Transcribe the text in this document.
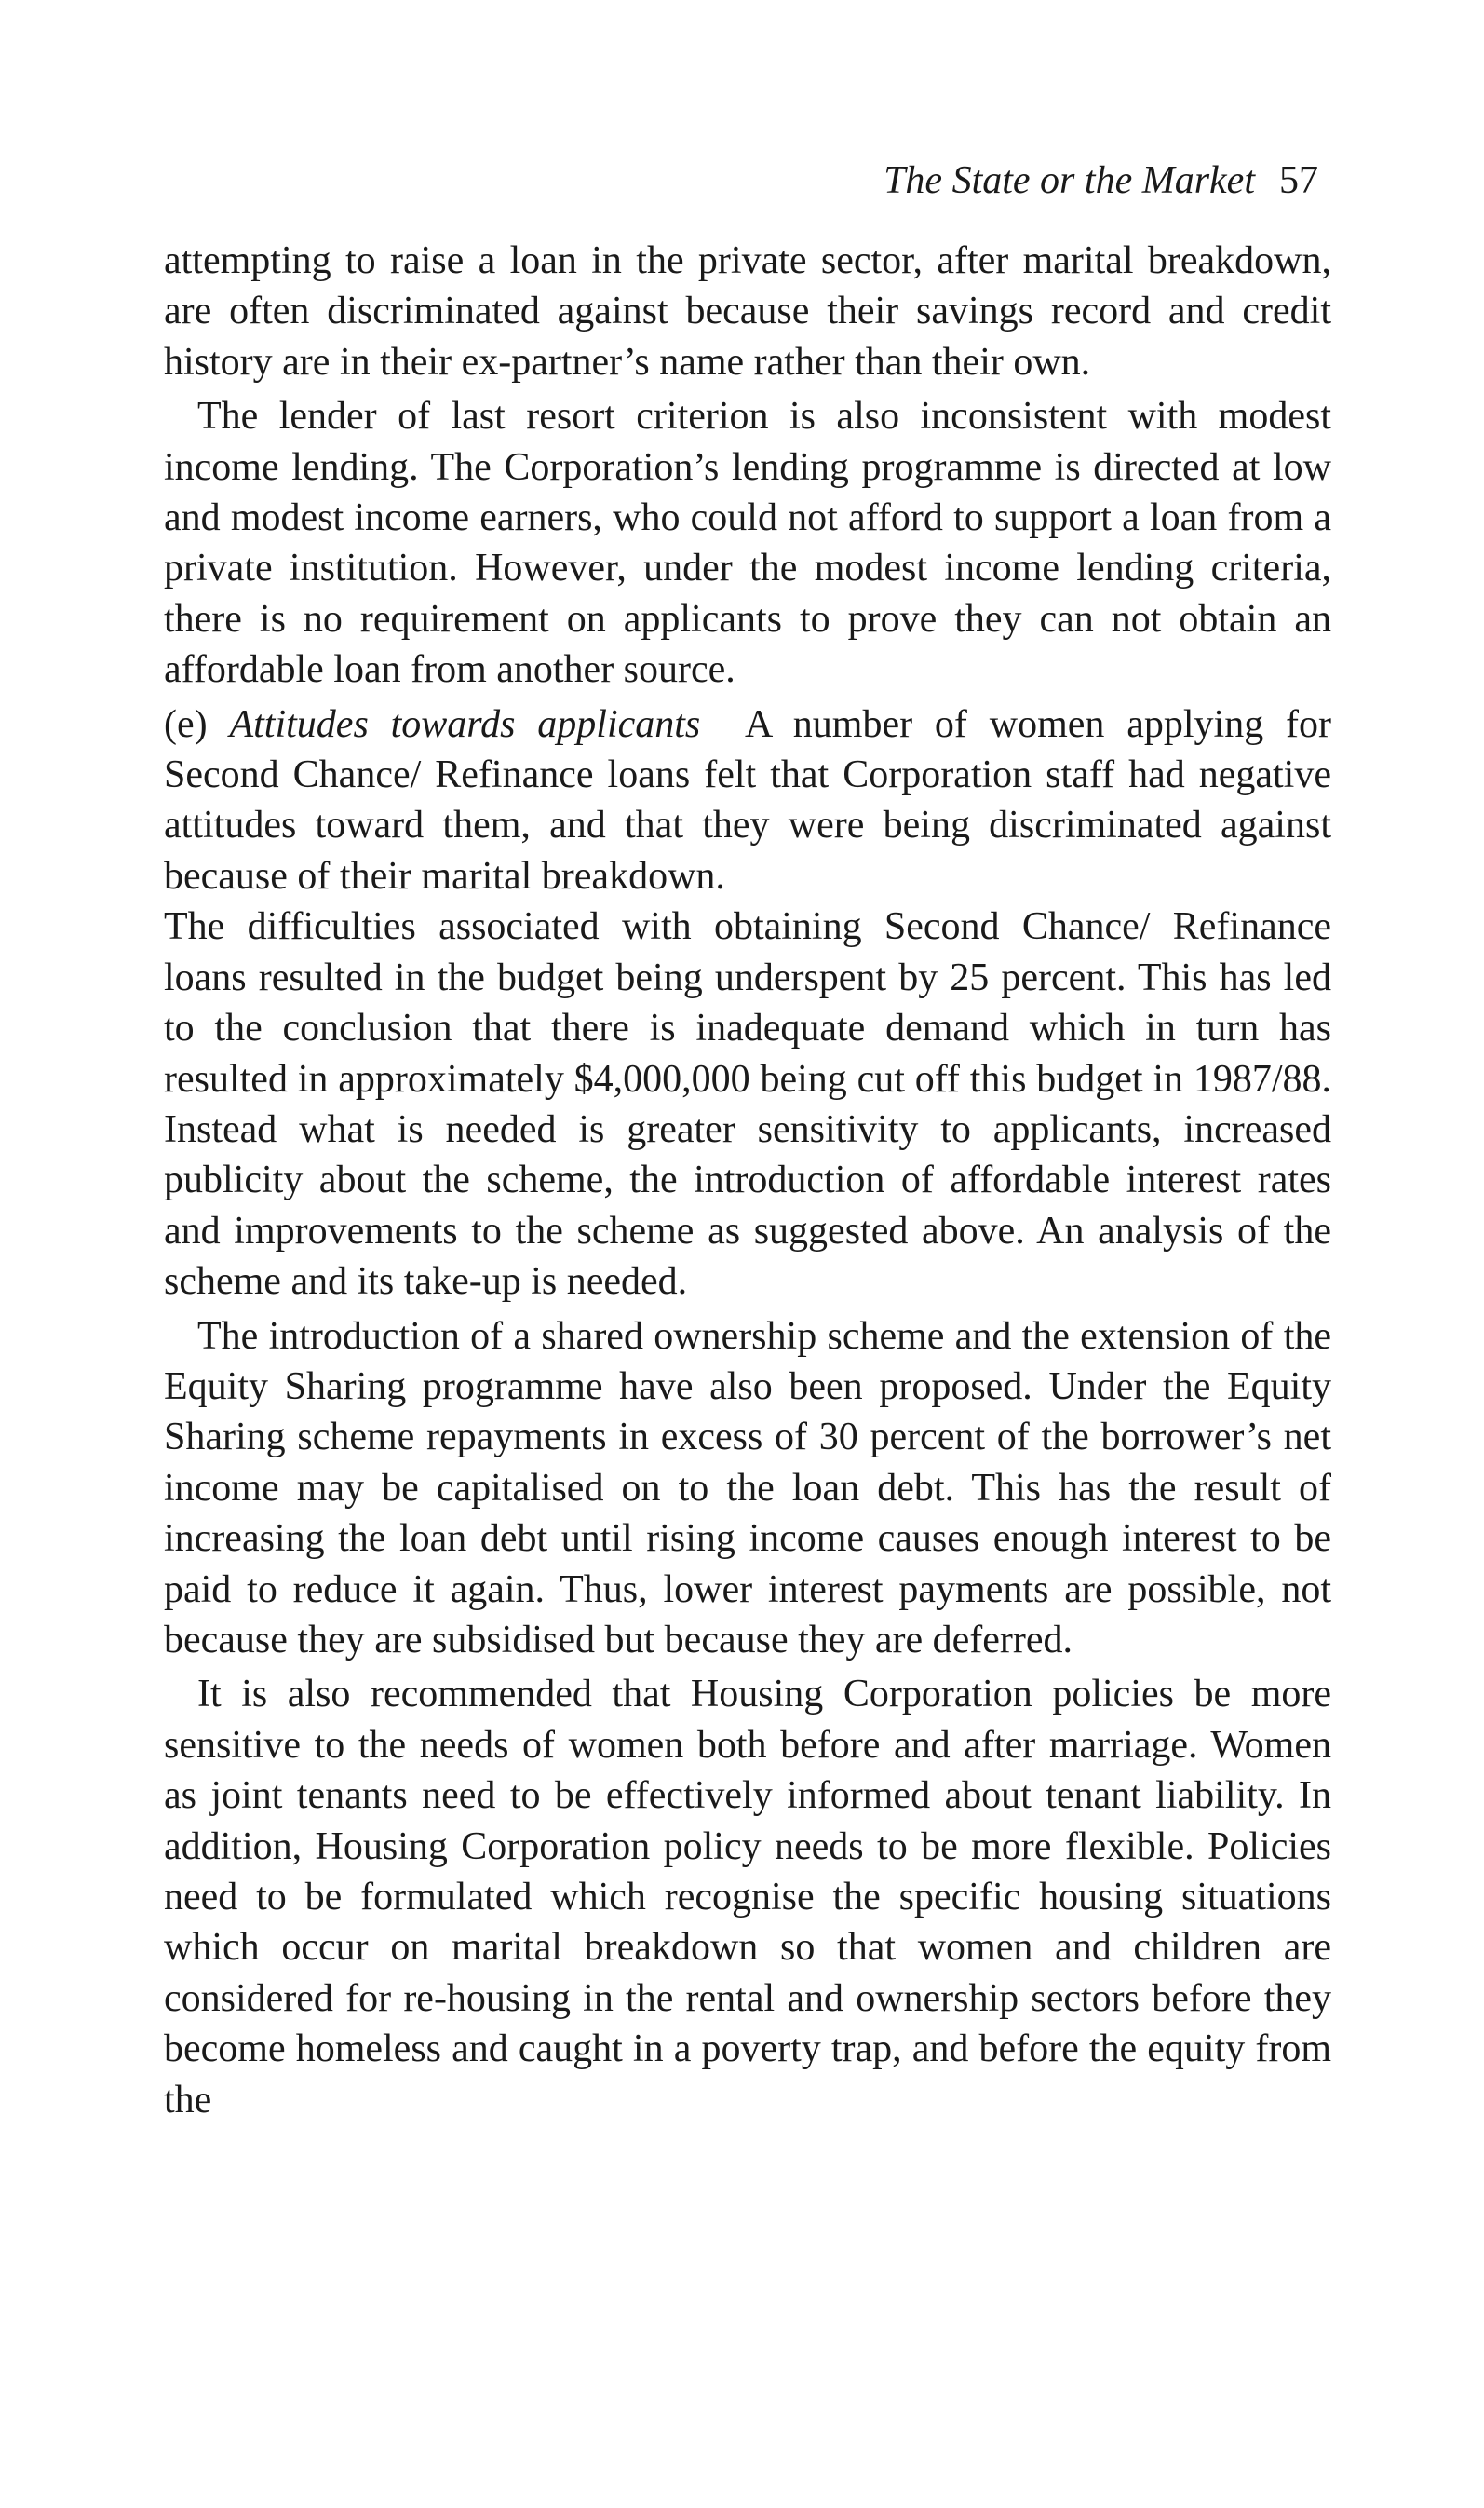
The State or the Market 57

attempting to raise a loan in the private sector, after marital breakdown, are often discriminated against because their savings record and credit history are in their ex-partner’s name rather than their own.

The lender of last resort criterion is also inconsistent with modest income lending. The Corporation’s lending programme is directed at low and modest income earners, who could not afford to support a loan from a private institution. However, under the modest income lending criteria, there is no requirement on applicants to prove they can not obtain an affordable loan from another source.

(e) Attitudes towards applicants A number of women applying for Second Chance/ Refinance loans felt that Corporation staff had negative attitudes toward them, and that they were being discriminated against because of their marital breakdown.

The difficulties associated with obtaining Second Chance/ Refinance loans resulted in the budget being underspent by 25 percent. This has led to the conclusion that there is inadequate demand which in turn has resulted in approximately $4,000,000 being cut off this budget in 1987/88. Instead what is needed is greater sensitivity to applicants, increased publicity about the scheme, the introduction of affordable interest rates and improvements to the scheme as suggested above. An analysis of the scheme and its take-up is needed.

The introduction of a shared ownership scheme and the extension of the Equity Sharing programme have also been proposed. Under the Equity Sharing scheme repayments in excess of 30 percent of the borrower’s net income may be capitalised on to the loan debt. This has the result of increasing the loan debt until rising income causes enough interest to be paid to reduce it again. Thus, lower interest payments are possible, not because they are subsidised but because they are deferred.

It is also recommended that Housing Corporation policies be more sensitive to the needs of women both before and after marriage. Women as joint tenants need to be effectively informed about tenant liability. In addition, Housing Corporation policy needs to be more flexible. Policies need to be formulated which recognise the specific housing situations which occur on marital breakdown so that women and children are considered for re-housing in the rental and ownership sectors before they become homeless and caught in a poverty trap, and before the equity from the
